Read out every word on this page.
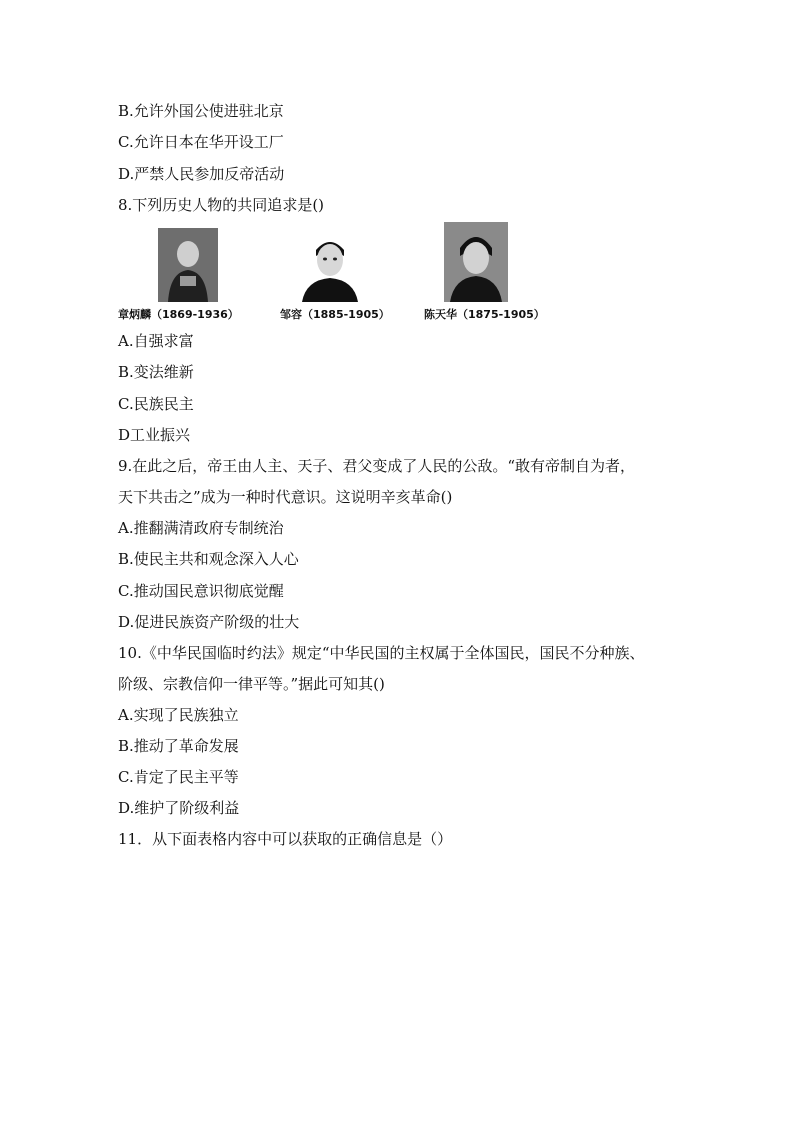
B.允许外国公使进驻北京
C.允许日本在华开设工厂
D.严禁人民参加反帝活动
8.下列历史人物的共同追求是()
章炳麟（1869-1936）	邹容（1885-1905）	陈天华（1875-1905）
A.自强求富
B.变法维新
C.民族民主
D工业振兴
9.在此之后，帝王由人主、天子、君父变成了人民的公敌。“敢有帝制自为者，
天下共击之”成为一种时代意识。这说明辛亥革命()
A.推翻满清政府专制统治
B.使民主共和观念深入人心
C.推动国民意识彻底觉醒
D.促进民族资产阶级的壮大
10.《中华民国临时约法》规定“中华民国的主权属于全体国民，国民不分种族、
阶级、宗教信仰一律平等。”据此可知其()
A.实现了民族独立
B.推动了革命发展
C.肯定了民主平等
D.维护了阶级利益
11．从下面表格内容中可以获取的正确信息是（）
